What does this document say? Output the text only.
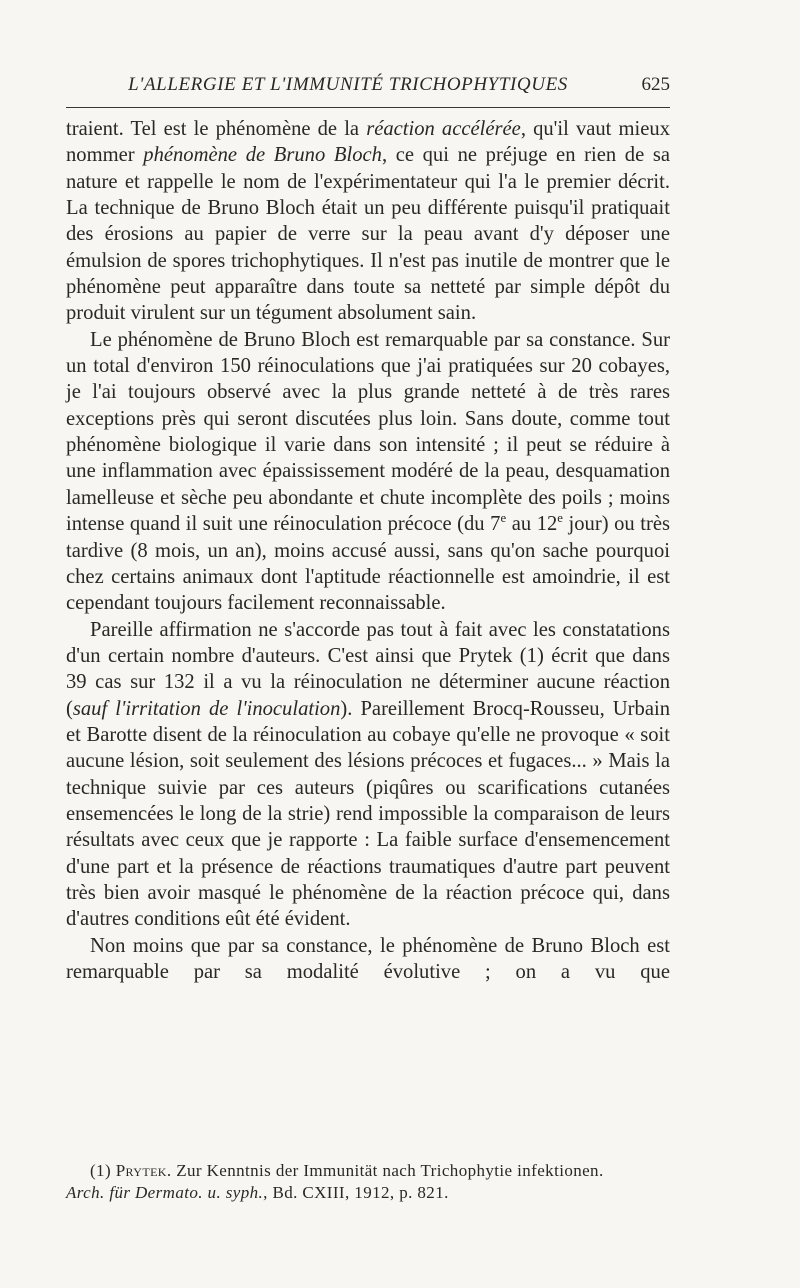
L'ALLERGIE ET L'IMMUNITÉ TRICHOPHYTIQUES	625

traient. Tel est le phénomène de la réaction accélérée, qu'il vaut mieux nommer phénomène de Bruno Bloch, ce qui ne préjuge en rien de sa nature et rappelle le nom de l'expérimentateur qui l'a le premier décrit. La technique de Bruno Bloch était un peu différente puisqu'il pratiquait des érosions au papier de verre sur la peau avant d'y déposer une émulsion de spores trichophytiques. Il n'est pas inutile de montrer que le phénomène peut apparaître dans toute sa netteté par simple dépôt du produit virulent sur un tégument absolument sain.

Le phénomène de Bruno Bloch est remarquable par sa constance. Sur un total d'environ 150 réinoculations que j'ai pratiquées sur 20 cobayes, je l'ai toujours observé avec la plus grande netteté à de très rares exceptions près qui seront discutées plus loin. Sans doute, comme tout phénomène biologique il varie dans son intensité ; il peut se réduire à une inflammation avec épaississement modéré de la peau, desquamation lamelleuse et sèche peu abondante et chute incomplète des poils ; moins intense quand il suit une réinoculation précoce (du 7e au 12e jour) ou très tardive (8 mois, un an), moins accusé aussi, sans qu'on sache pourquoi chez certains animaux dont l'aptitude réactionnelle est amoindrie, il est cependant toujours facilement reconnaissable.

Pareille affirmation ne s'accorde pas tout à fait avec les constatations d'un certain nombre d'auteurs. C'est ainsi que Prytek (1) écrit que dans 39 cas sur 132 il a vu la réinoculation ne déterminer aucune réaction (sauf l'irritation de l'inoculation). Pareillement Brocq-Rousseu, Urbain et Barotte disent de la réinoculation au cobaye qu'elle ne provoque « soit aucune lésion, soit seulement des lésions précoces et fugaces... » Mais la technique suivie par ces auteurs (piqûres ou scarifications cutanées ensemencées le long de la strie) rend impossible la comparaison de leurs résultats avec ceux que je rapporte : La faible surface d'ensemencement d'une part et la présence de réactions traumatiques d'autre part peuvent très bien avoir masqué le phénomène de la réaction précoce qui, dans d'autres conditions eût été évident.

Non moins que par sa constance, le phénomène de Bruno Bloch est remarquable par sa modalité évolutive ; on a vu que

(1) Prytek. Zur Kenntnis der Immunität nach Trichophytie infektionen.
Arch. für Dermato. u. syph., Bd. CXIII, 1912, p. 821.
